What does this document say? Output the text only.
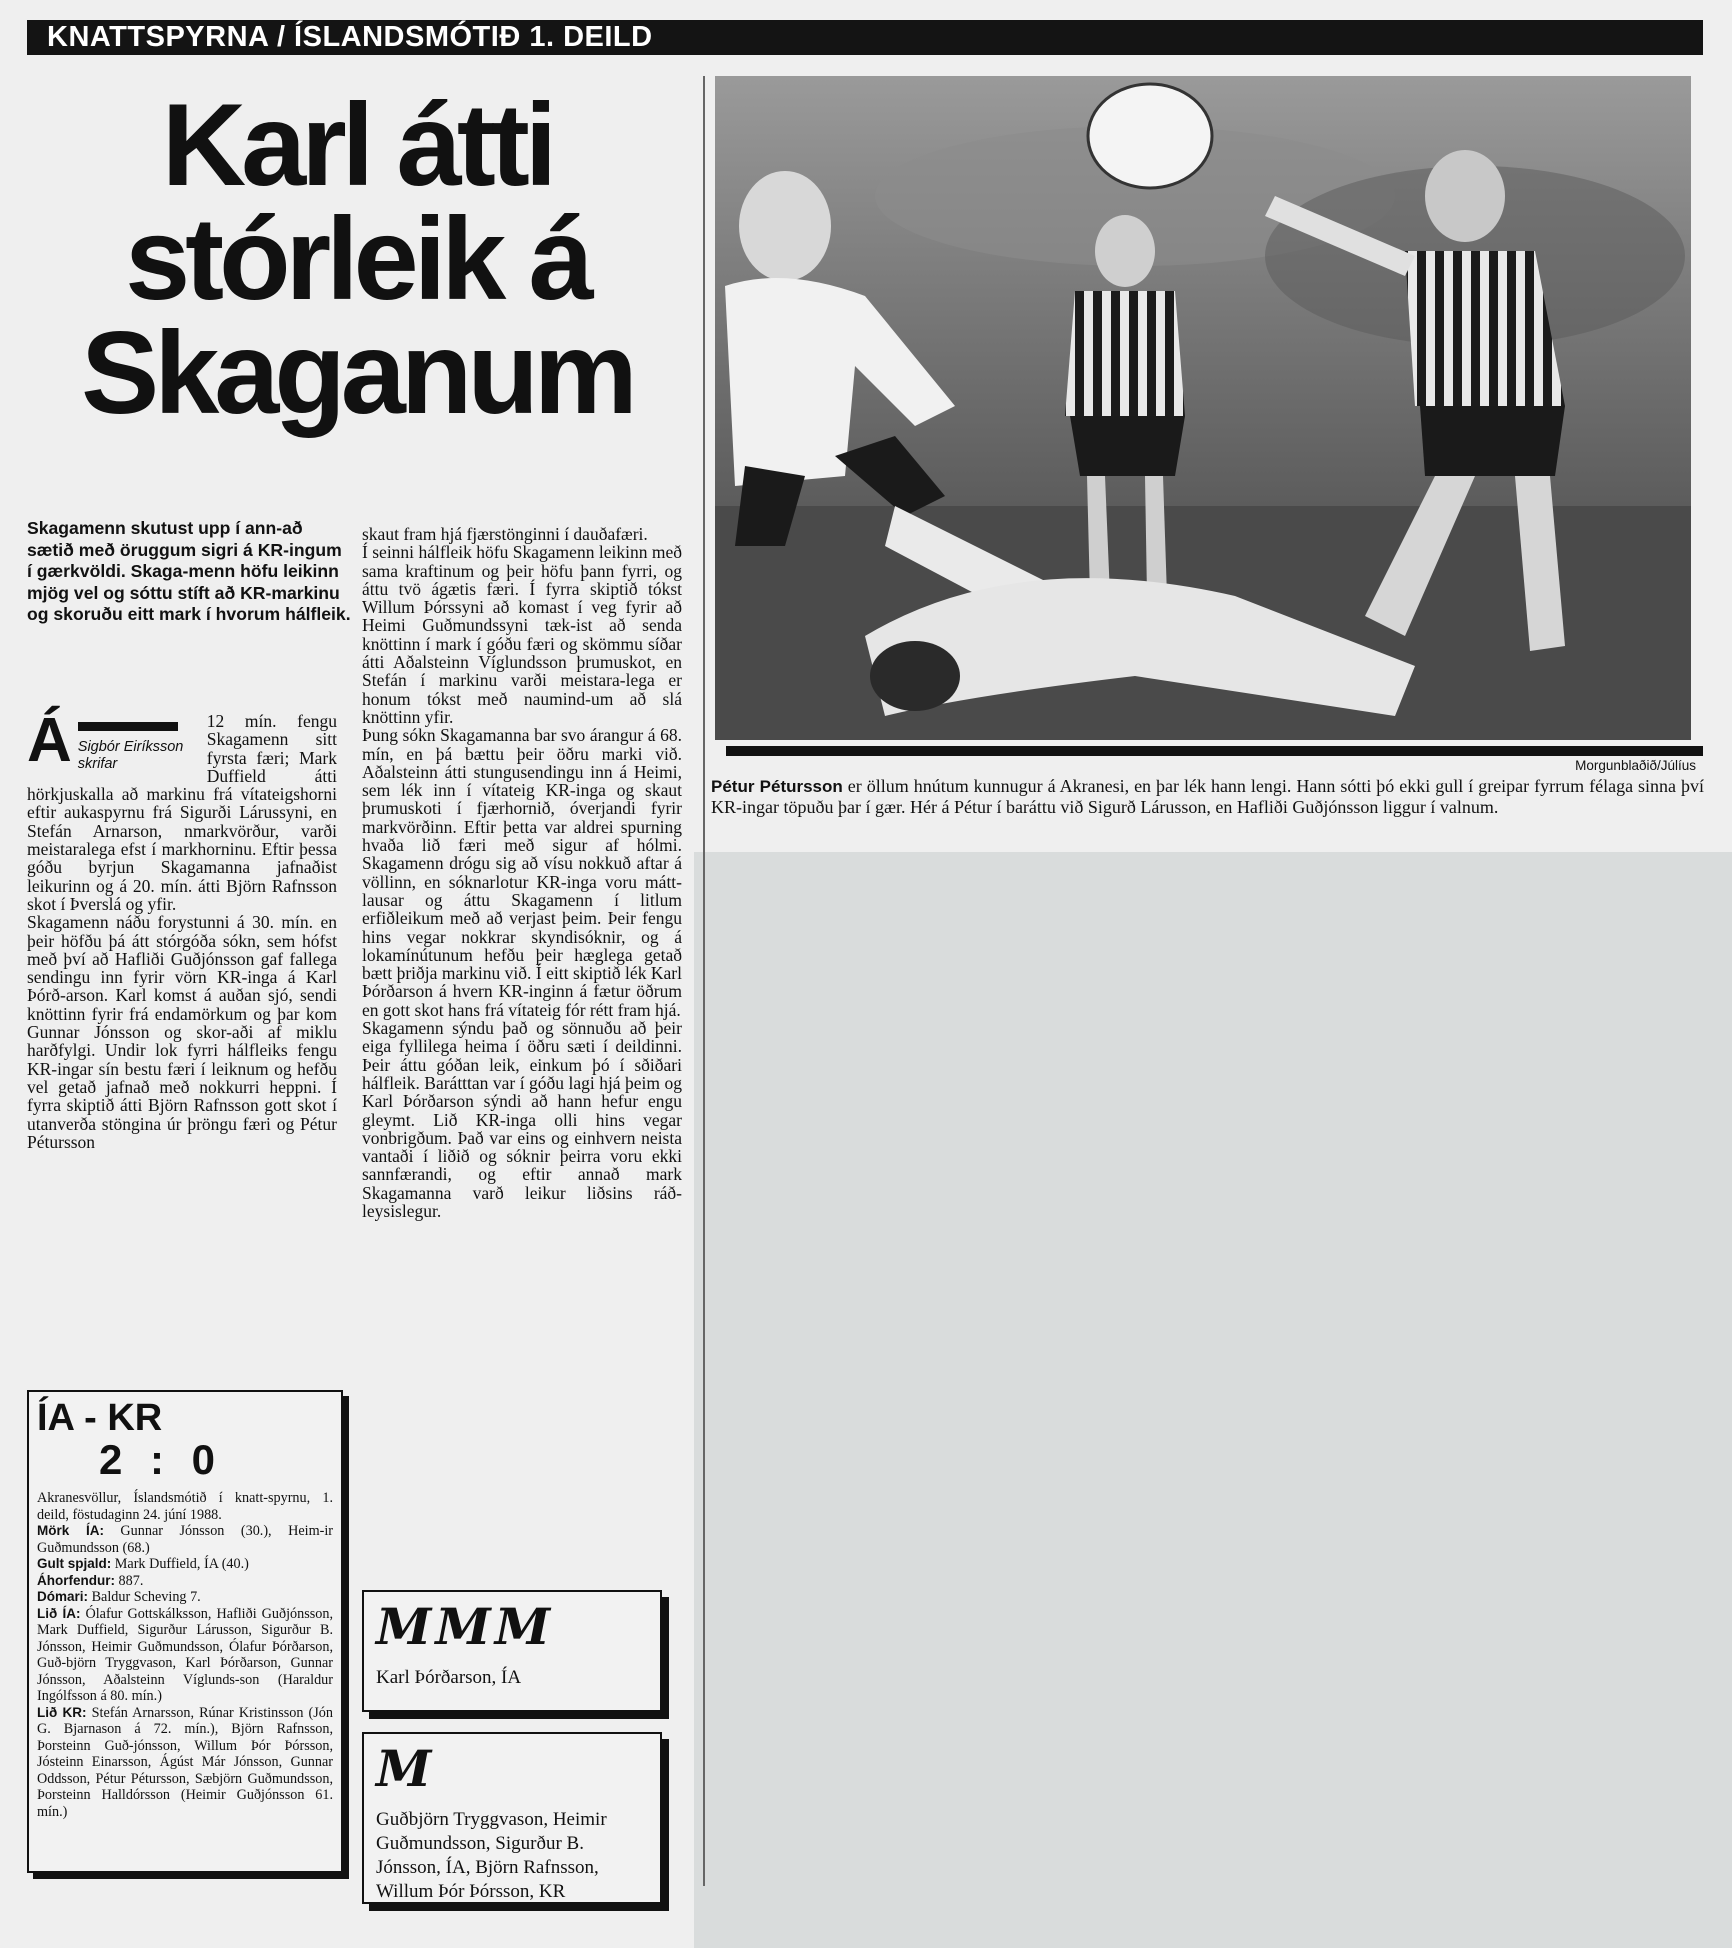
KNATTSPYRNA / ÍSLANDSMÓTIÐ 1. DEILD
Karl átti
stórleik á
Skaganum

Skagamenn skutust upp í ann-að sætið með öruggum sigri á KR-ingum í gærkvöldi. Skaga-menn höfu leikinn mjög vel og sóttu stíft að KR-markinu og skoruðu eitt mark í hvorum hálfleik.

Á Sigbór Eiríksson
skrifar
12 mín. fengu Skagamenn sitt fyrsta færi; Mark Duffield átti hörkjuskalla að markinu frá vítateigshorni eftir aukaspyrnu frá Sigurði Lárussyni, en Stefán Arnarson, nmarkvörður, varði meistaralega efst í markhorninu. Eftir þessa góðu byrjun Skagamanna jafnaðist leikurinn og á 20. mín. átti Björn Rafnsson skot í Þverslá og yfir.

Skagamenn náðu forystunni á 30. mín. en þeir höfðu þá átt stórgóða sókn, sem hófst með því að Hafliði Guðjónsson gaf fallega sendingu inn fyrir vörn KR-inga á Karl Þórð-arson. Karl komst á auðan sjó, sendi knöttinn fyrir frá endamörkum og þar kom Gunnar Jónsson og skor-aði af miklu harðfylgi. Undir lok fyrri hálfleiks fengu KR-ingar sín bestu færi í leiknum og hefðu vel getað jafnað með nokkurri heppni. Í fyrra skiptið átti Björn Rafnsson gott skot í utanverða stöngina úr þröngu færi og Pétur Pétursson

skaut fram hjá fjærstönginni í dauðafæri.

Í seinni hálfleik höfu Skagamenn leikinn með sama kraftinum og þeir höfu þann fyrri, og áttu tvö ágætis færi. Í fyrra skiptið tókst Willum Þórssyni að komast í veg fyrir að Heimi Guðmundssyni tæk-ist að senda knöttinn í mark í góðu færi og skömmu síðar átti Aðalsteinn Víglundsson þrumuskot, en Stefán í markinu varði meistara-lega er honum tókst með naumind-um að slá knöttinn yfir.

Þung sókn Skagamanna bar svo árangur á 68. mín, en þá bættu þeir öðru marki við. Aðalsteinn átti stungusendingu inn á Heimi, sem lék inn í vítateig KR-inga og skaut þrumuskoti í fjærhornið, óverjandi fyrir markvörðinn. Eftir þetta var aldrei spurning hvaða lið færi með sigur af hólmi. Skagamenn drógu sig að vísu nokkuð aftar á völlinn, en sóknarlotur KR-inga voru mátt-lausar og áttu Skagamenn í litlum erfiðleikum með að verjast þeim. Þeir fengu hins vegar nokkrar skyndisóknir, og á lokamínútunum hefðu þeir hæglega getað bætt þriðja markinu við. Í eitt skiptið lék Karl Þórðarson á hvern KR-inginn á fætur öðrum en gott skot hans frá vítateig fór rétt fram hjá.

Skagamenn sýndu það og sönnuðu að þeir eiga fyllilega heima í öðru sæti í deildinni. Þeir áttu góðan leik, einkum þó í sðiðari hálfleik. Barátttan var í góðu lagi hjá þeim og Karl Þórðarson sýndi að hann hefur engu gleymt. Lið KR-inga olli hins vegar vonbrigðum. Það var eins og einhvern neista vantaði í liðið og sóknir þeirra voru ekki sannfærandi, og eftir annað mark Skagamanna varð leikur liðsins ráð-leysislegur.

ÍA - KR

2 : 0

Akranesvöllur, Íslandsmótið í knatt-spyrnu, 1. deild, föstudaginn 24. júní 1988.

Mörk ÍA: Gunnar Jónsson (30.), Heim-ir Guðmundsson (68.)

Gult spjald: Mark Duffield, ÍA (40.)

Áhorfendur: 887.

Dómari: Baldur Scheving 7.

Lið ÍA: Ólafur Gottskálksson, Hafliði Guðjónsson, Mark Duffield, Sigurður Lárusson, Sigurður B. Jónsson, Heimir Guðmundsson, Ólafur Þórðarson, Guð-björn Tryggvason, Karl Þórðarson, Gunnar Jónsson, Aðalsteinn Víglunds-son (Haraldur Ingólfsson á 80. mín.)

Lið KR: Stefán Arnarsson, Rúnar Kristinsson (Jón G. Bjarnason á 72. mín.), Björn Rafnsson, Þorsteinn Guð-jónsson, Willum Þór Þórsson, Jósteinn Einarsson, Ágúst Már Jónsson, Gunnar Oddsson, Pétur Pétursson, Sæbjörn Guðmundsson, Þorsteinn Halldórsson (Heimir Guðjónsson 61. mín.)

MMM

Karl Þórðarson, ÍA

M

Guðbjörn Tryggvason, Heimir Guðmundsson, Sigurður B. Jónsson, ÍA, Björn Rafnsson, Willum Þór Þórsson, KR

Morgunblaðið/Júlíus

Pétur Pétursson er öllum hnútum kunnugur á Akranesi, en þar lék hann lengi. Hann sótti þó ekki gull í greipar fyrrum félaga sinna því KR-ingar töpuðu þar í gær. Hér á Pétur í baráttu við Sigurð Lárusson, en Hafliði Guðjónsson liggur í valnum.
